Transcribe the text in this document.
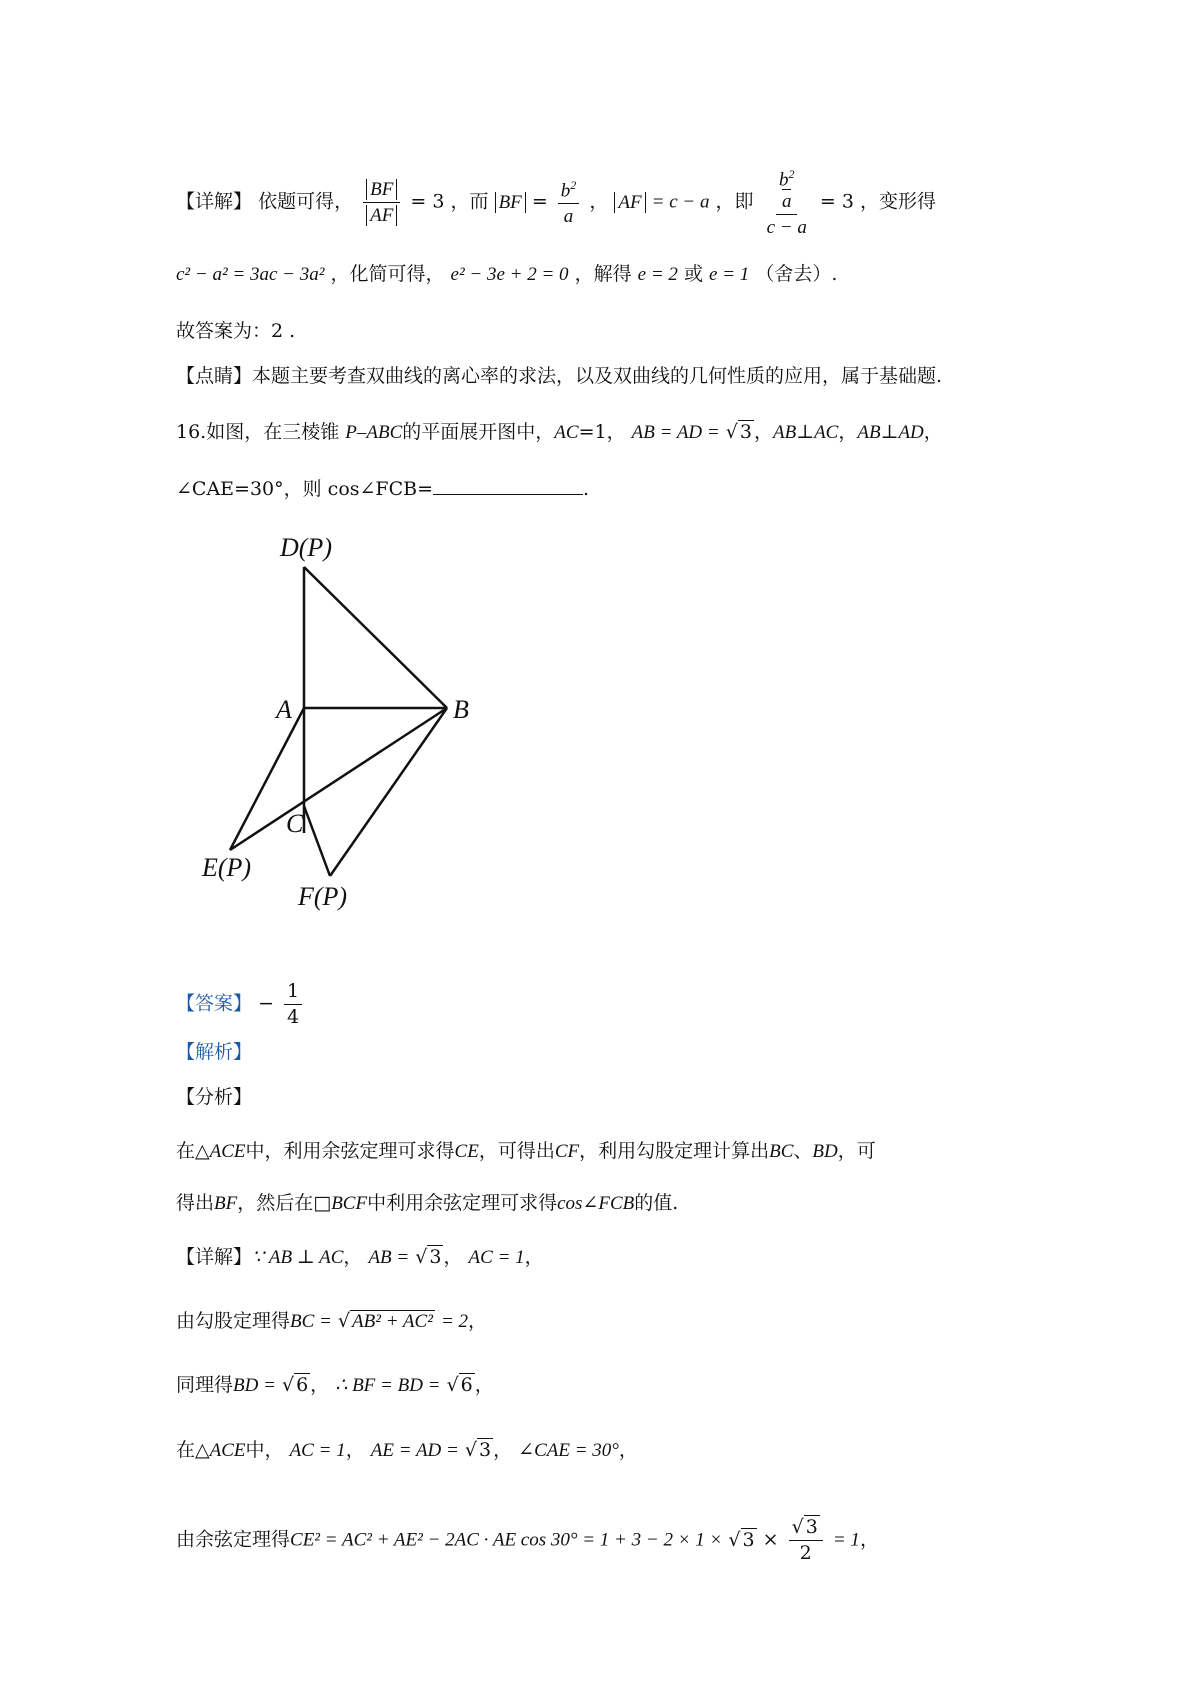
【详解】 依题可得， $\frac{BF}{AF} = 3$ ，而 BF = $\frac{b^2}{a}$ ， AF = c − a ，即 $b^2$
a
c − a = 3 ，变形得
c² − a² = 3ac − 3a² ，化简可得， e² − 3e + 2 = 0 ，解得 e = 2 或 e = 1 （舍去）.
故答案为：2 .
【点睛】本题主要考查双曲线的离心率的求法，以及双曲线的几何性质的应用，属于基础题.
16.如图，在三棱锥 P–ABC的平面展开图中，AC=1， AB = AD = √ 3 ，AB⊥AC，AB⊥AD，
∠CAE=30°，则 cos∠FCB=	.
D(P)
A	B
C
E(P)
F(P)
【答案】 − $\frac{1}{4}$
【解析】
【分析】
在△ACE中，利用余弦定理可求得CE，可得出CF，利用勾股定理计算出BC、BD，可
得出BF，然后在□BCF中利用余弦定理可求得cos∠FCB的值.
【详解】∵ AB ⊥ AC， AB = √ 3 ， AC = 1，
由勾股定理得BC = √ AB² + AC² = 2，
同理得BD = √ 6 ， ∴ BF = BD = √ 6 ，
在△ACE中， AC = 1， AE = AD = √ 3 ， ∠CAE = 30°，
由余弦定理得CE² = AC² + AE² − 2AC · AE cos 30° = 1 + 3 − 2 × 1 × √ $3 \times \frac{√ 3}{2} = 1$，
